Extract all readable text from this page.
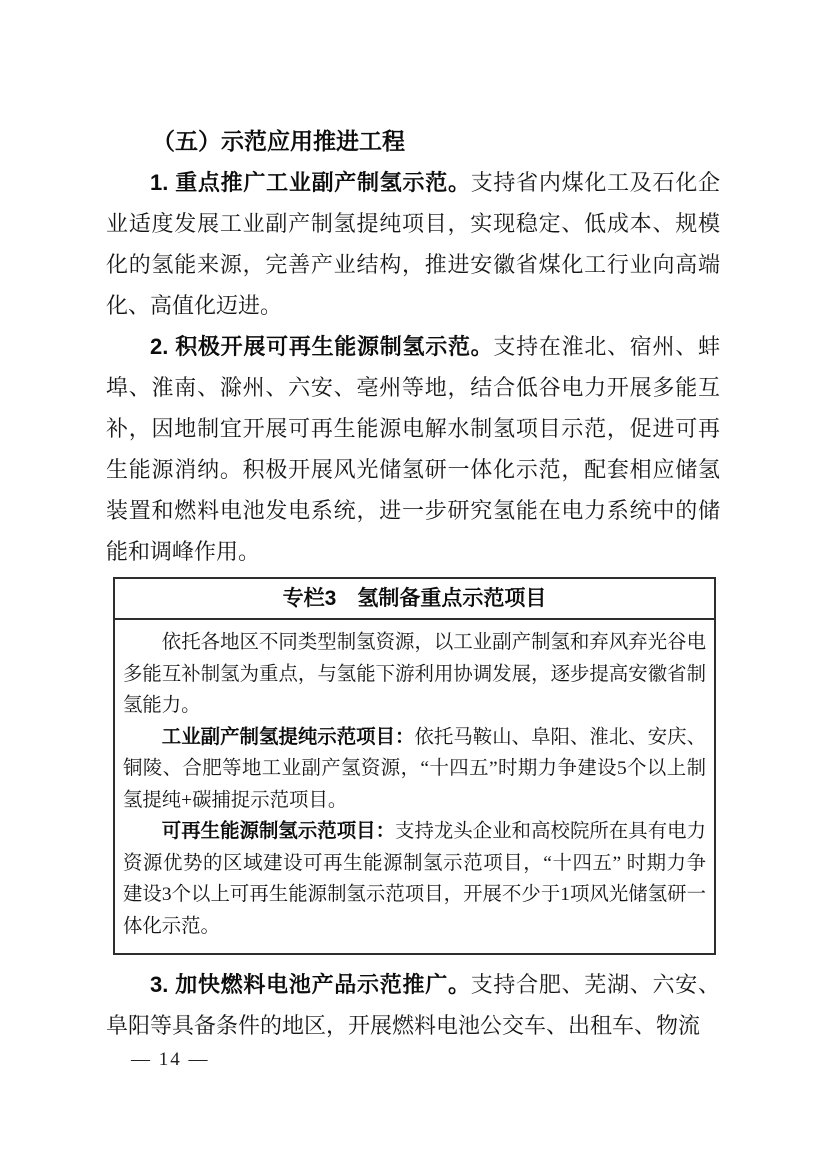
（五）示范应用推进工程

1. 重点推广工业副产制氢示范。支持省内煤化工及石化企业适度发展工业副产制氢提纯项目，实现稳定、低成本、规模化的氢能来源，完善产业结构，推进安徽省煤化工行业向高端化、高值化迈进。

2. 积极开展可再生能源制氢示范。支持在淮北、宿州、蚌埠、淮南、滁州、六安、亳州等地，结合低谷电力开展多能互补，因地制宜开展可再生能源电解水制氢项目示范，促进可再生能源消纳。积极开展风光储氢研一体化示范，配套相应储氢装置和燃料电池发电系统，进一步研究氢能在电力系统中的储能和调峰作用。

专栏3　氢制备重点示范项目

依托各地区不同类型制氢资源，以工业副产制氢和弃风弃光谷电多能互补制氢为重点，与氢能下游利用协调发展，逐步提高安徽省制氢能力。

工业副产制氢提纯示范项目：依托马鞍山、阜阳、淮北、安庆、铜陵、合肥等地工业副产氢资源，“十四五”时期力争建设5个以上制氢提纯+碳捕捉示范项目。

可再生能源制氢示范项目：支持龙头企业和高校院所在具有电力资源优势的区域建设可再生能源制氢示范项目，“十四五” 时期力争建设3个以上可再生能源制氢示范项目，开展不少于1项风光储氢研一体化示范。

3. 加快燃料电池产品示范推广。支持合肥、芜湖、六安、阜阳等具备条件的地区，开展燃料电池公交车、出租车、物流

— 14 —
